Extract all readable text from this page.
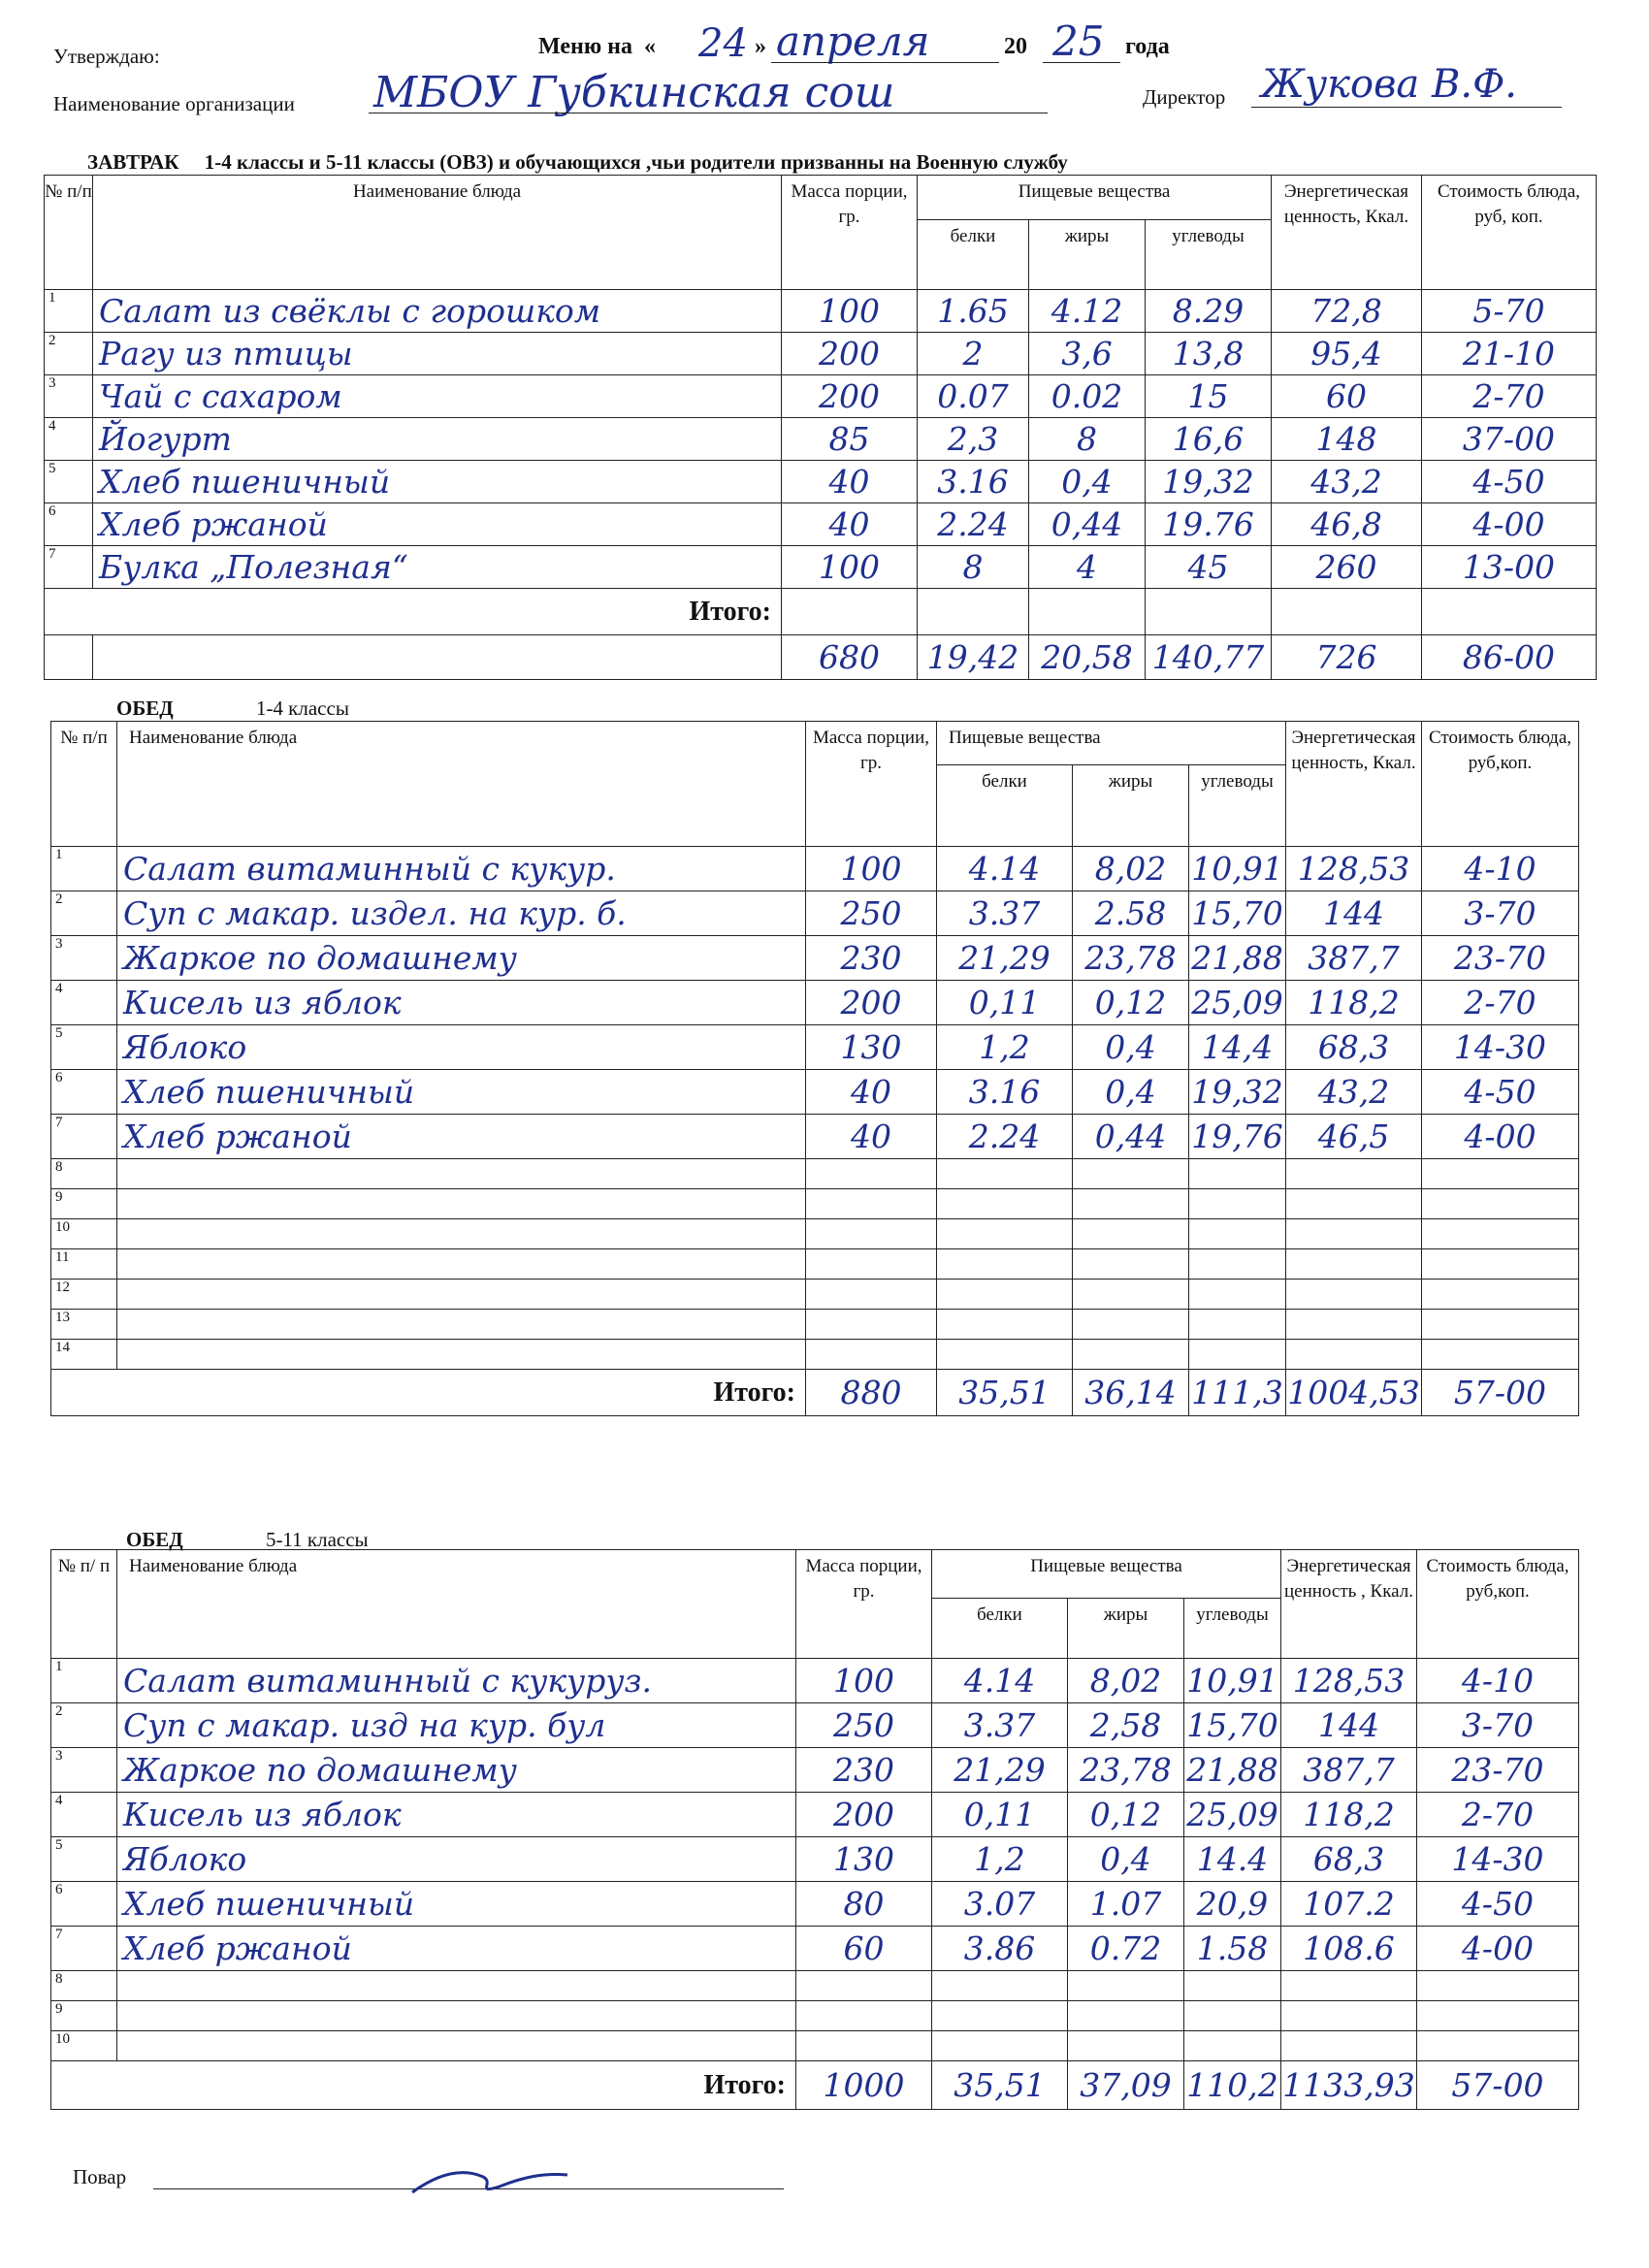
Утверждаю:	Меню на « 24 » апреля	20 25 года
Наименование организации МБОУ Губкинская сош	Директор Жукова В.Ф.
ЗАВТРАК     1-4 классы и 5-11 классы (ОВЗ) и обучающихся ,чьи родители призванны на Военную службу
№ п/п	Наименование блюда	Масса порции, гр.	Пищевые вещества			Энергетическая ценность, Ккал.	Стоимость блюда, руб, коп.
			белки	жиры	углеводы		
1	Салат из свёклы с горошком	100	1.65	4.12	8.29	72,8	5-70
2	Рагу из птицы	200	2	3,6	13,8	95,4	21-10
3	Чай с сахаром	200	0.07	0.02	15	60	2-70
4	Йогурт	85	2,3	8	16,6	148	37-00
5	Хлеб пшеничный	40	3.16	0,4	19,32	43,2	4-50
6	Хлеб ржаной	40	2.24	0,44	19.76	46,8	4-00
7	Булка „Полезная“	100	8	4	45	260	13-00
Итого:							
		680	19,42	20,58	140,77	726	86-00
ОБЕД	1-4 классы
№ п/п	Наименование блюда	Масса порции, гр.	Пищевые вещества			Энергетическая ценность, Ккал.	Стоимость блюда, руб,коп.
			белки	жиры	углеводы		
1	Салат витаминный с кукур.	100	4.14	8,02	10,91	128,53	4-10
2	Суп с макар. издел. на кур. б.	250	3.37	2.58	15,70	144	3-70
3	Жаркое по домашнему	230	21,29	23,78	21,88	387,7	23-70
4	Кисель из яблок	200	0,11	0,12	25,09	118,2	2-70
5	Яблоко	130	1,2	0,4	14,4	68,3	14-30
6	Хлеб пшеничный	40	3.16	0,4	19,32	43,2	4-50
7	Хлеб ржаной	40	2.24	0,44	19,76	46,5	4-00
8							
9							
10							
11							
12							
13							
14							
Итого:		880	35,51	36,14	111,3	1004,53	57-00
ОБЕД	5-11 классы
№ п/ п	Наименование блюда	Масса порции, гр.	Пищевые вещества			Энергетическая ценность , Ккал.	Стоимость блюда, руб,коп.
			белки	жиры	углеводы		
1	Салат витаминный с кукуруз.	100	4.14	8,02	10,91	128,53	4-10
2	Суп с макар. изд на кур. бул	250	3.37	2,58	15,70	144	3-70
3	Жаркое по домашнему	230	21,29	23,78	21,88	387,7	23-70
4	Кисель из яблок	200	0,11	0,12	25,09	118,2	2-70
5	Яблоко	130	1,2	0,4	14.4	68,3	14-30
6	Хлеб пшеничный	80	3.07	1.07	20,9	107.2	4-50
7	Хлеб ржаной	60	3.86	0.72	1.58	108.6	4-00
8							
9							
10							
Итого:		1000	35,51	37,09	110,2	1133,93	57-00
Повар
